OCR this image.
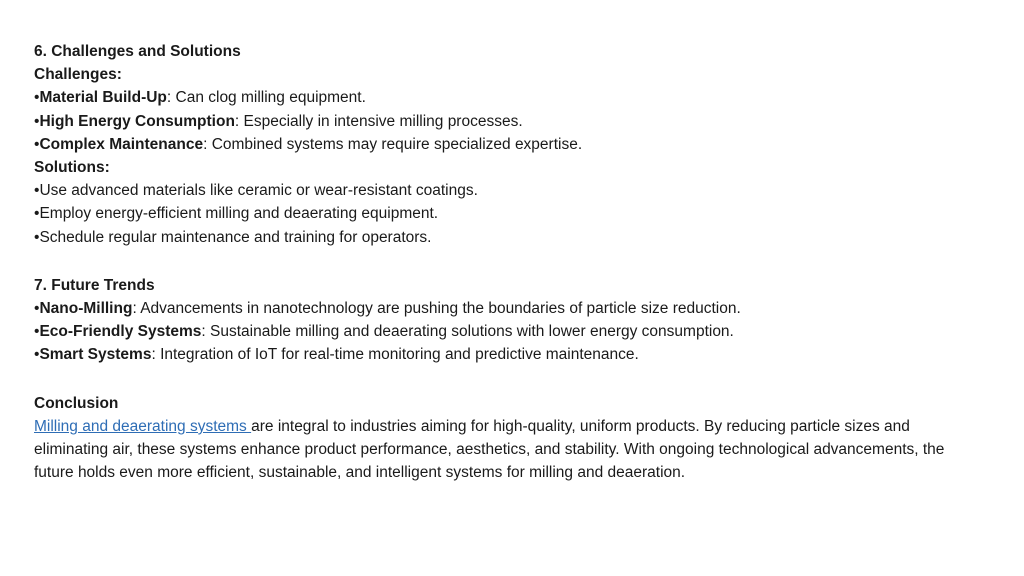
6. Challenges and Solutions

Challenges:

•Material Build-Up: Can clog milling equipment.

•High Energy Consumption: Especially in intensive milling processes.

•Complex Maintenance: Combined systems may require specialized expertise.

Solutions:

•Use advanced materials like ceramic or wear-resistant coatings.

•Employ energy-efficient milling and deaerating equipment.

•Schedule regular maintenance and training for operators.

7. Future Trends

•Nano-Milling: Advancements in nanotechnology are pushing the boundaries of particle size reduction.

•Eco-Friendly Systems: Sustainable milling and deaerating solutions with lower energy consumption.

•Smart Systems: Integration of IoT for real-time monitoring and predictive maintenance.

Conclusion

Milling and deaerating systems are integral to industries aiming for high-quality, uniform products. By reducing particle sizes and eliminating air, these systems enhance product performance, aesthetics, and stability. With ongoing technological advancements, the future holds even more efficient, sustainable, and intelligent systems for milling and deaeration.
